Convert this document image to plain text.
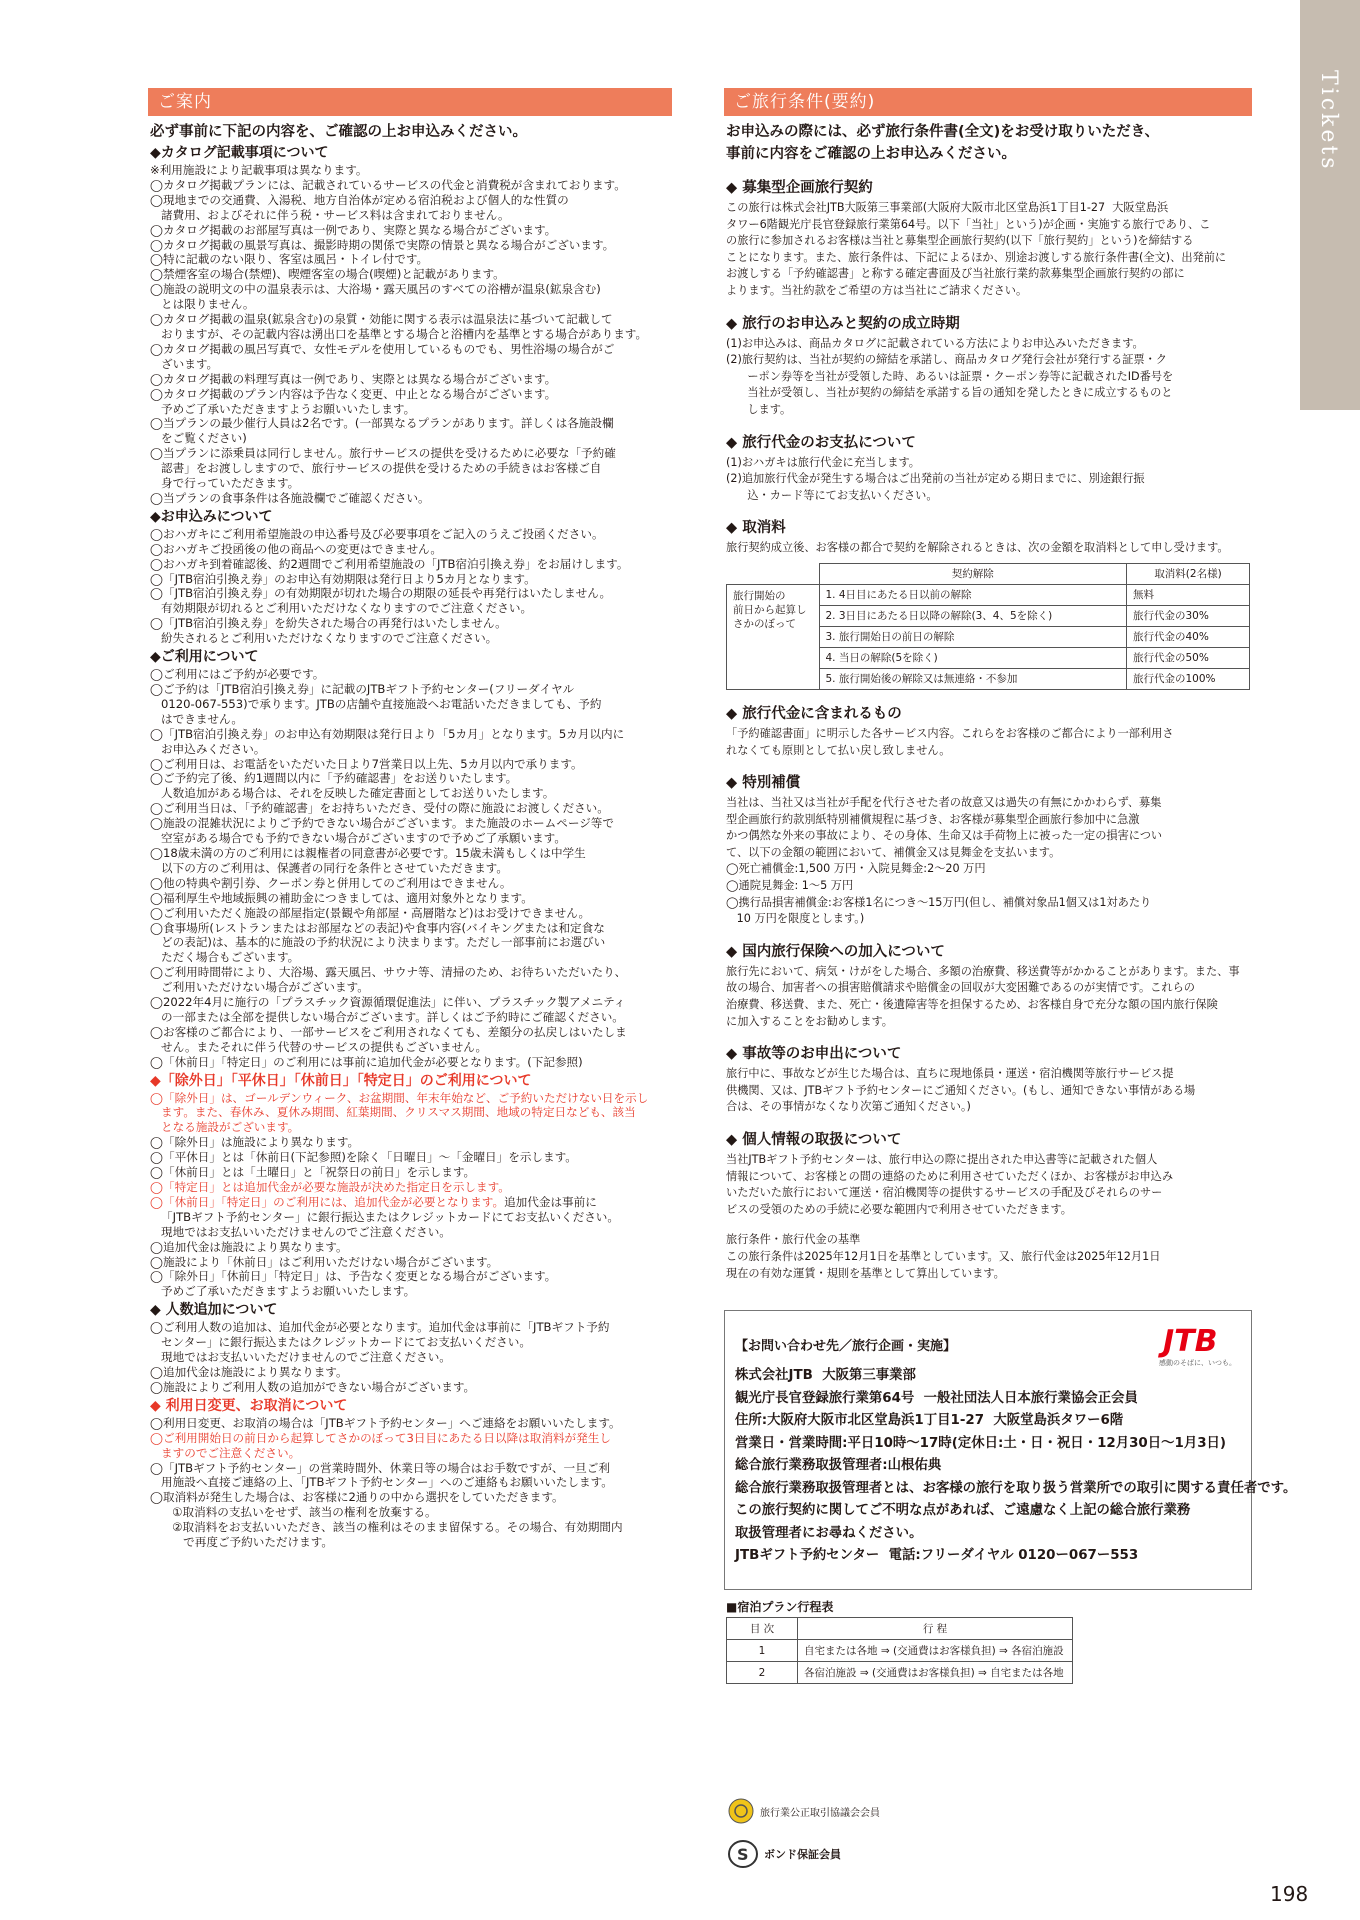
Tickets
ご案内
必ず事前に下記の内容を、ご確認の上お申込みください。
◆カタログ記載事項について
※利用施設により記載事項は異なります。
◯カタログ掲載プランには、記載されているサービスの代金と消費税が含まれております。
◯現地までの交通費、入湯税、地方自治体が定める宿泊税および個人的な性質の
諸費用、およびそれに伴う税・サービス料は含まれておりません。
◯カタログ掲載のお部屋写真は一例であり、実際と異なる場合がございます。
◯カタログ掲載の風景写真は、撮影時期の関係で実際の情景と異なる場合がございます。
◯特に記載のない限り、客室は風呂・トイレ付です。
◯禁煙客室の場合(禁煙)、喫煙客室の場合(喫煙)と記載があります。
◯施設の説明文の中の温泉表示は、大浴場・露天風呂のすべての浴槽が温泉(鉱泉含む)
とは限りません。
◯カタログ掲載の温泉(鉱泉含む)の泉質・効能に関する表示は温泉法に基づいて記載して
おりますが、その記載内容は湧出口を基準とする場合と浴槽内を基準とする場合があります。
◯カタログ掲載の風呂写真で、女性モデルを使用しているものでも、男性浴場の場合がご
ざいます。
◯カタログ掲載の料理写真は一例であり、実際とは異なる場合がございます。
◯カタログ掲載のプラン内容は予告なく変更、中止となる場合がございます。
予めご了承いただきますようお願いいたします。
◯当プランの最少催行人員は2名です。(一部異なるプランがあります。詳しくは各施設欄
をご覧ください)
◯当プランに添乗員は同行しません。旅行サービスの提供を受けるために必要な「予約確
認書」をお渡ししますので、旅行サービスの提供を受けるための手続きはお客様ご自
身で行っていただきます。
◯当プランの食事条件は各施設欄でご確認ください。
◆お申込みについて
◯おハガキにご利用希望施設の申込番号及び必要事項をご記入のうえご投函ください。
◯おハガキご投函後の他の商品への変更はできません。
◯おハガキ到着確認後、約2週間でご利用希望施設の「JTB宿泊引換え券」をお届けします。
◯「JTB宿泊引換え券」のお申込有効期限は発行日より5カ月となります。
◯「JTB宿泊引換え券」の有効期限が切れた場合の期限の延長や再発行はいたしません。
有効期限が切れるとご利用いただけなくなりますのでご注意ください。
◯「JTB宿泊引換え券」を紛失された場合の再発行はいたしません。
紛失されるとご利用いただけなくなりますのでご注意ください。
◆ご利用について
◯ご利用にはご予約が必要です。
◯ご予約は「JTB宿泊引換え券」に記載のJTBギフト予約センター(フリーダイヤル
0120-067-553)で承ります。JTBの店舗や直接施設へお電話いただきましても、予約
はできません。
◯「JTB宿泊引換え券」のお申込有効期限は発行日より「5カ月」となります。5カ月以内に
お申込みください。
◯ご利用日は、お電話をいただいた日より7営業日以上先、5カ月以内で承ります。
◯ご予約完了後、約1週間以内に「予約確認書」をお送りいたします。
人数追加がある場合は、それを反映した確定書面としてお送りいたします。
◯ご利用当日は、「予約確認書」をお持ちいただき、受付の際に施設にお渡しください。
◯施設の混雑状況によりご予約できない場合がございます。また施設のホームページ等で
空室がある場合でも予約できない場合がございますので予めご了承願います。
◯18歳未満の方のご利用には親権者の同意書が必要です。15歳未満もしくは中学生
以下の方のご利用は、保護者の同行を条件とさせていただきます。
◯他の特典や割引券、クーポン券と併用してのご利用はできません。
◯福利厚生や地域振興の補助金につきましては、適用対象外となります。
◯ご利用いただく施設の部屋指定(景観や角部屋・高層階など)はお受けできません。
◯食事場所(レストランまたはお部屋などの表記)や食事内容(バイキングまたは和定食な
どの表記)は、基本的に施設の予約状況により決まります。ただし一部事前にお選びい
ただく場合もございます。
◯ご利用時間帯により、大浴場、露天風呂、サウナ等、清掃のため、お待ちいただいたり、
ご利用いただけない場合がございます。
◯2022年4月に施行の「プラスチック資源循環促進法」に伴い、プラスチック製アメニティ
の一部または全部を提供しない場合がございます。詳しくはご予約時にご確認ください。
◯お客様のご都合により、一部サービスをご利用されなくても、差額分の払戻しはいたしま
せん。またそれに伴う代替のサービスの提供もございません。
◯「休前日」「特定日」のご利用には事前に追加代金が必要となります。(下記参照)
◆「除外日」「平休日」「休前日」「特定日」のご利用について
◯「除外日」は、ゴールデンウィーク、お盆期間、年末年始など、ご予約いただけない日を示し
ます。また、春休み、夏休み期間、紅葉期間、クリスマス期間、地域の特定日なども、該当
となる施設がございます。
◯「除外日」は施設により異なります。
◯「平休日」とは「休前日(下記参照)を除く「日曜日」～「金曜日」を示します。
◯「休前日」とは「土曜日」と「祝祭日の前日」を示します。
◯「特定日」とは追加代金が必要な施設が決めた指定日を示します。
◯「休前日」「特定日」のご利用には、追加代金が必要となります。追加代金は事前に
「JTBギフト予約センター」に銀行振込またはクレジットカードにてお支払いください。
現地ではお支払いいただけませんのでご注意ください。
◯追加代金は施設により異なります。
◯施設により「休前日」はご利用いただけない場合がございます。
◯「除外日」「休前日」「特定日」は、予告なく変更となる場合がございます。
予めご了承いただきますようお願いいたします。
◆ 人数追加について
◯ご利用人数の追加は、追加代金が必要となります。追加代金は事前に「JTBギフト予約
センター」に銀行振込またはクレジットカードにてお支払いください。
現地ではお支払いいただけませんのでご注意ください。
◯追加代金は施設により異なります。
◯施設によりご利用人数の追加ができない場合がございます。
◆ 利用日変更、お取消について
◯利用日変更、お取消の場合は「JTBギフト予約センター」へご連絡をお願いいたします。
◯ご利用開始日の前日から起算してさかのぼって3日目にあたる日以降は取消料が発生し
ますのでご注意ください。
◯「JTBギフト予約センター」の営業時間外、休業日等の場合はお手数ですが、一旦ご利
用施設へ直接ご連絡の上、「JTBギフト予約センター」へのご連絡もお願いいたします。
◯取消料が発生した場合は、お客様に2通りの中から選択をしていただきます。
①取消料の支払いをせず、該当の権利を放棄する。
②取消料をお支払いいただき、該当の権利はそのまま留保する。その場合、有効期間内
で再度ご予約いただけます。
ご旅行条件(要約)
お申込みの際には、必ず旅行条件書(全文)をお受け取りいただき、
事前に内容をご確認の上お申込みください。
◆ 募集型企画旅行契約
この旅行は株式会社JTB大阪第三事業部(大阪府大阪市北区堂島浜1丁目1-27  大阪堂島浜
タワー6階観光庁長官登録旅行業第64号。以下「当社」という)が企画・実施する旅行であり、こ
の旅行に参加されるお客様は当社と募集型企画旅行契約(以下「旅行契約」という)を締結する
ことになります。また、旅行条件は、下記によるほか、別途お渡しする旅行条件書(全文)、出発前に
お渡しする「予約確認書」と称する確定書面及び当社旅行業約款募集型企画旅行契約の部に
よります。当社約款をご希望の方は当社にご請求ください。
◆ 旅行のお申込みと契約の成立時期
(1)お申込みは、商品カタログに記載されている方法によりお申込みいただきます。
(2)旅行契約は、当社が契約の締結を承諾し、商品カタログ発行会社が発行する証票・ク
ーポン券等を当社が受領した時、あるいは証票・クーポン券等に記載されたID番号を
当社が受領し、当社が契約の締結を承諾する旨の通知を発したときに成立するものと
します。
◆ 旅行代金のお支払について
(1)おハガキは旅行代金に充当します。
(2)追加旅行代金が発生する場合はご出発前の当社が定める期日までに、別途銀行振
込・カード等にてお支払いください。
◆ 取消料
旅行契約成立後、お客様の都合で契約を解除されるときは、次の金額を取消料として申し受けます。
	契約解除	取消料(2名様)

旅行開始の
前日から起算し
さかのぼって	1. 4日目にあたる日以前の解除	無料
	2. 3日目にあたる日以降の解除(3、4、5を除く)	旅行代金の30%
	3. 旅行開始日の前日の解除	旅行代金の40%
	4. 当日の解除(5を除く)	旅行代金の50%
	5. 旅行開始後の解除又は無連絡・不参加	旅行代金の100%
◆ 旅行代金に含まれるもの
「予約確認書面」に明示した各サービス内容。これらをお客様のご都合により一部利用さ
れなくても原則として払い戻し致しません。
◆ 特別補償
当社は、当社又は当社が手配を代行させた者の故意又は過失の有無にかかわらず、募集
型企画旅行約款別紙特別補償規程に基づき、お客様が募集型企画旅行参加中に急激
かつ偶然な外来の事故により、その身体、生命又は手荷物上に被った一定の損害につい
て、以下の金額の範囲において、補償金又は見舞金を支払います。
◯死亡補償金:1,500 万円・入院見舞金:2～20 万円
◯通院見舞金: 1～5 万円
◯携行品損害補償金:お客様1名につき～15万円(但し、補償対象品1個又は1対あたり
10 万円を限度とします。)
◆ 国内旅行保険への加入について
旅行先において、病気・けがをした場合、多額の治療費、移送費等がかかることがあります。また、事
故の場合、加害者への損害賠償請求や賠償金の回収が大変困難であるのが実情です。これらの
治療費、移送費、また、死亡・後遺障害等を担保するため、お客様自身で充分な額の国内旅行保険
に加入することをお勧めします。
◆ 事故等のお申出について
旅行中に、事故などが生じた場合は、直ちに現地係員・運送・宿泊機関等旅行サービス提
供機関、又は、JTBギフト予約センターにご通知ください。(もし、通知できない事情がある場
合は、その事情がなくなり次第ご通知ください。)
◆ 個人情報の取扱について
当社JTBギフト予約センターは、旅行申込の際に提出された申込書等に記載された個人
情報について、お客様との間の連絡のために利用させていただくほか、お客様がお申込み
いただいた旅行において運送・宿泊機関等の提供するサービスの手配及びそれらのサー
ビスの受領のための手続に必要な範囲内で利用させていただきます。
旅行条件・旅行代金の基準
この旅行条件は2025年12月1日を基準としています。又、旅行代金は2025年12月1日
現在の有効な運賃・規則を基準として算出しています。
【お問い合わせ先／旅行企画・実施】	JTB
感動のそばに、いつも。
株式会社JTB  大阪第三事業部
観光庁長官登録旅行業第64号  一般社団法人日本旅行業協会正会員
住所:大阪府大阪市北区堂島浜1丁目1-27  大阪堂島浜タワー6階
営業日・営業時間:平日10時～17時(定休日:土・日・祝日・12月30日～1月3日)
総合旅行業務取扱管理者:山根佑典
総合旅行業務取扱管理者とは、お客様の旅行を取り扱う営業所での取引に関する責任者です。
この旅行契約に関してご不明な点があれば、ご遠慮なく上記の総合旅行業務
取扱管理者にお尋ねください。
JTBギフト予約センター  電話:フリーダイヤル 0120ー067ー553
■宿泊プラン行程表
目 次	行 程
1	自宅または各地 ⇒ (交通費はお客様負担) ⇒ 各宿泊施設
2	各宿泊施設 ⇒ (交通費はお客様負担) ⇒ 自宅または各地
旅行業公正取引協議会会員
S ボンド保証会員
198
